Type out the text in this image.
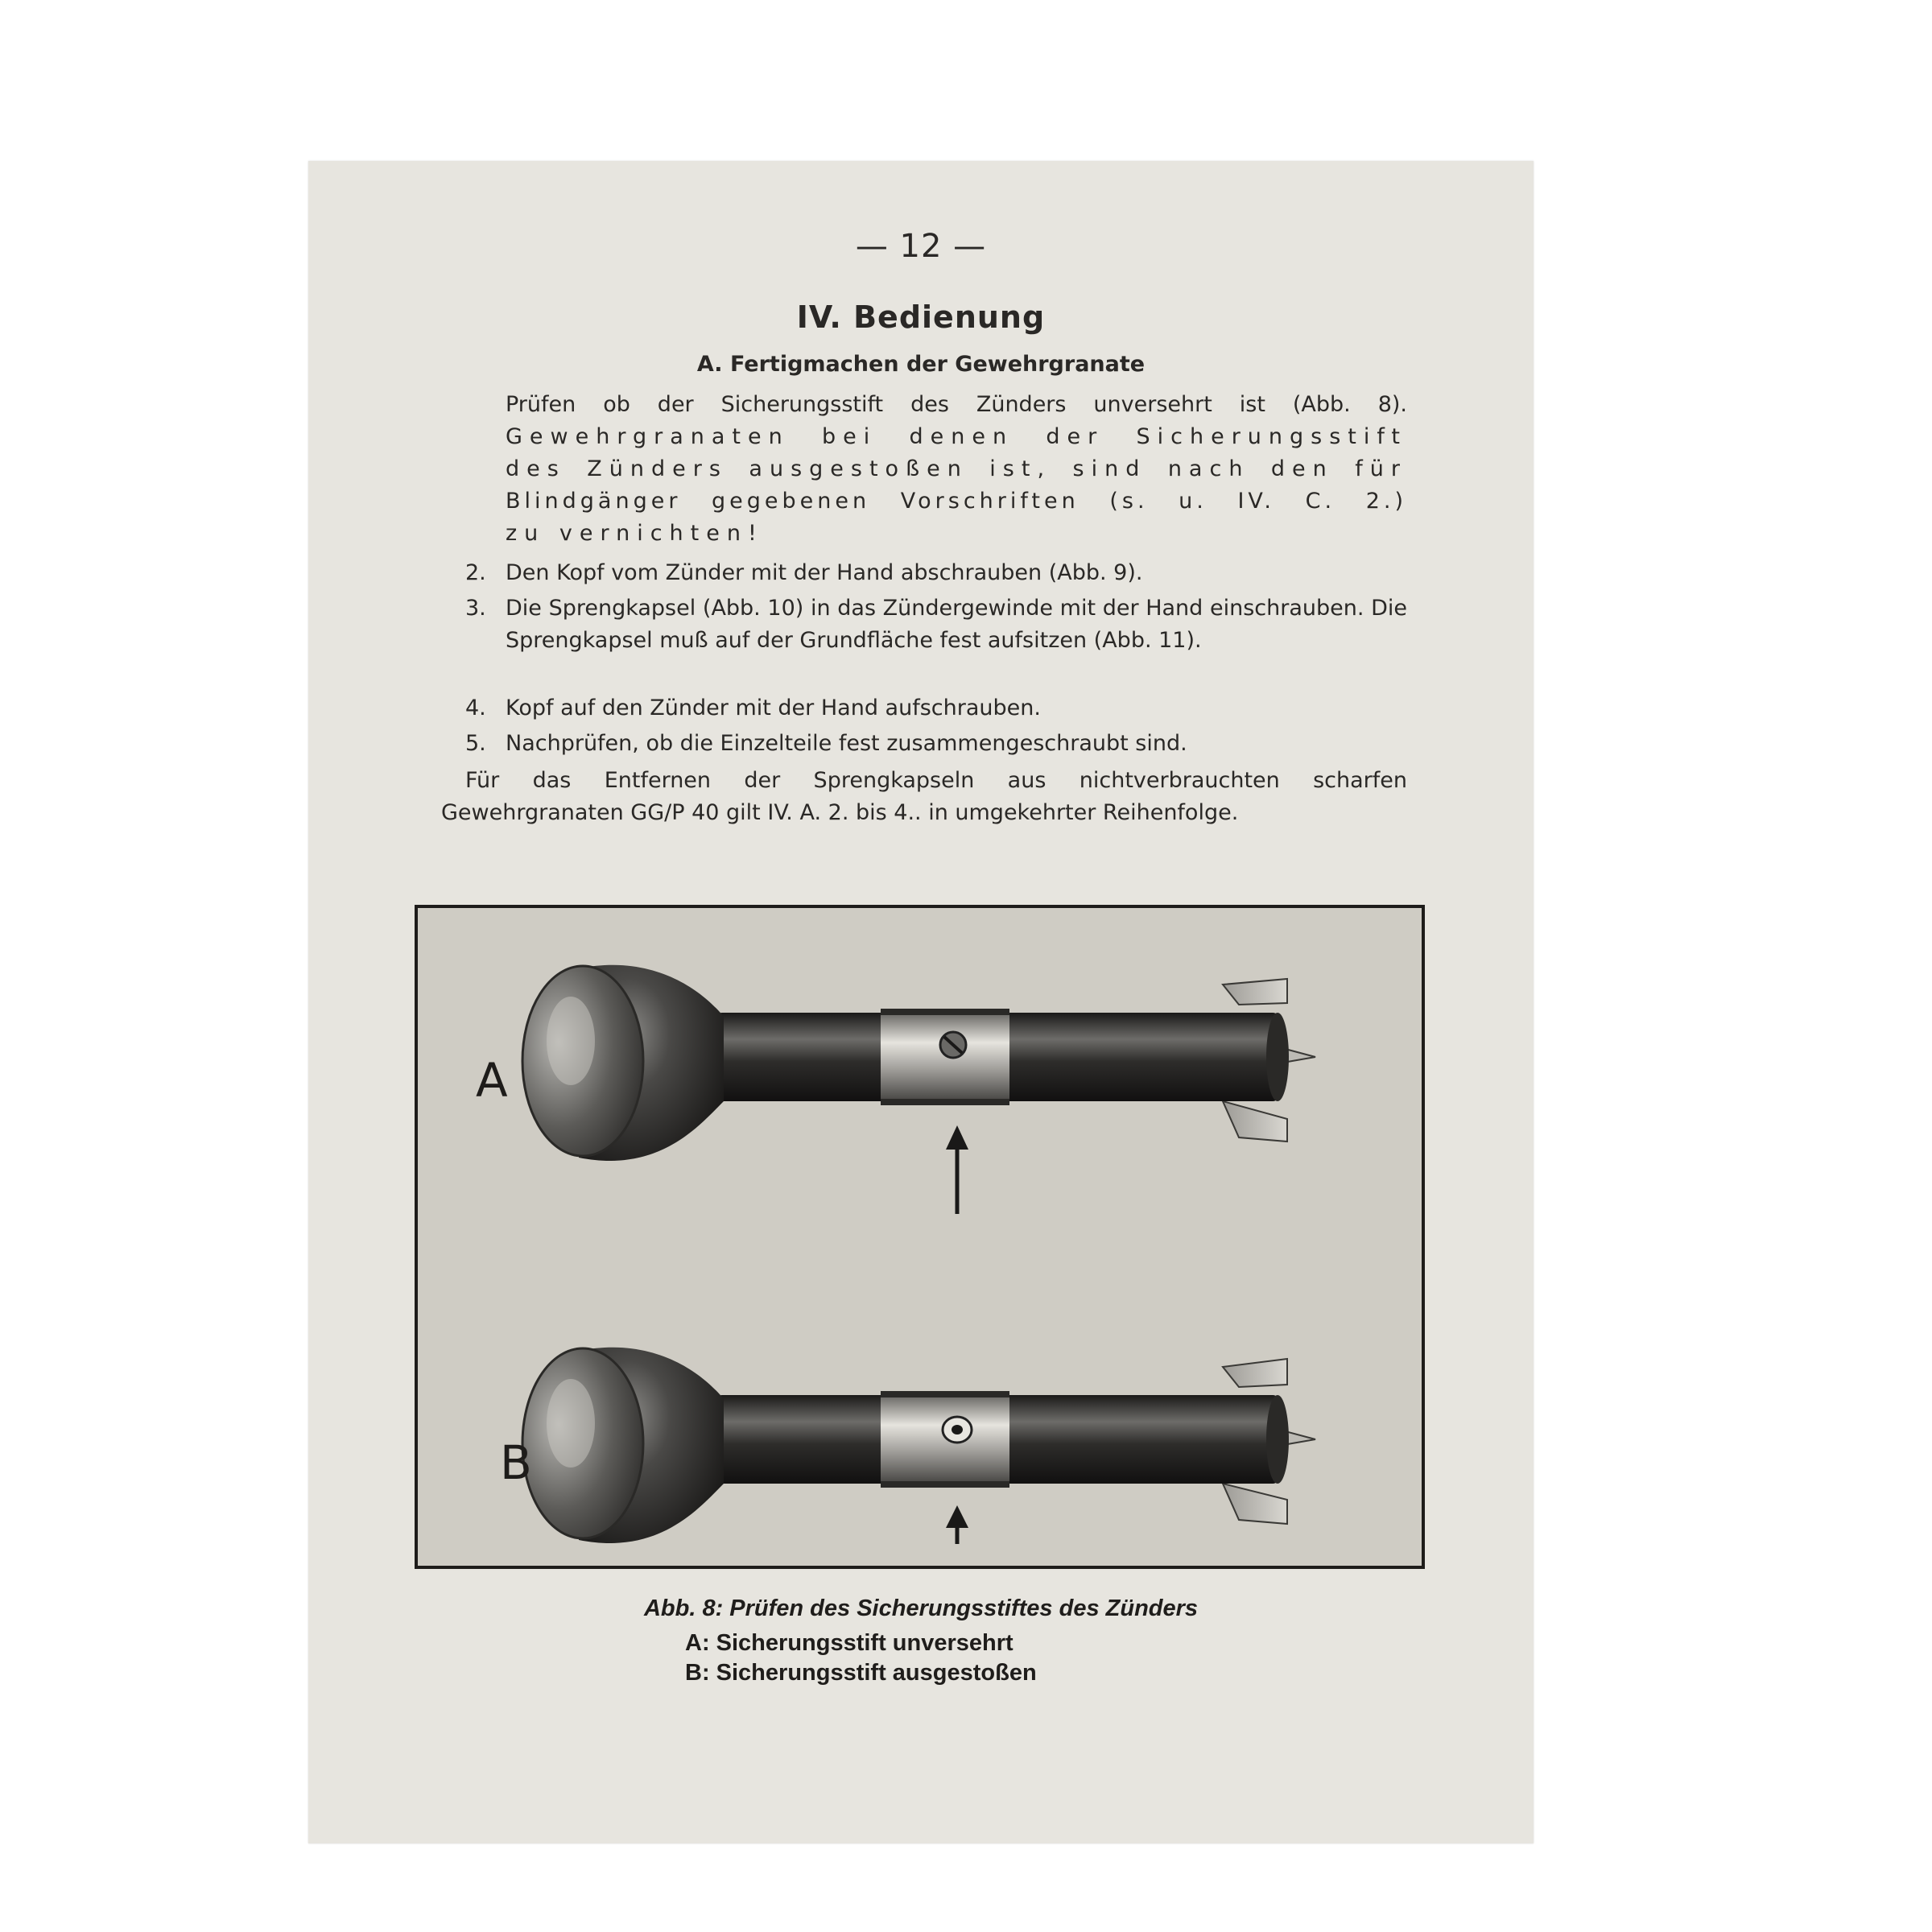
— 12 —
IV. Bedienung
A. Fertigmachen der Gewehrgranate
Prüfen ob der Sicherungsstift des Zünders unversehrt ist (Abb. 8).
Gewehrgranaten bei denen der Sicherungsstift
des Zünders ausgestoßen ist, sind nach den für
Blindgänger gegebenen Vorschriften (s. u. IV. C. 2.)
zu vernichten!
2. Den Kopf vom Zünder mit der Hand abschrauben (Abb. 9).
3. Die Sprengkapsel (Abb. 10) in das Zündergewinde mit der Hand einschrauben. Die Sprengkapsel muß auf der Grundfläche fest aufsitzen (Abb. 11).
4. Kopf auf den Zünder mit der Hand aufschrauben.
5. Nachprüfen, ob die Einzelteile fest zusammengeschraubt sind.
Für das Entfernen der Sprengkapseln aus nichtverbrauchten scharfen Gewehrgranaten GG/P 40 gilt IV. A. 2. bis 4.. in umgekehrter Reihenfolge.
A
B
Abb. 8: Prüfen des Sicherungsstiftes des Zünders
A: Sicherungsstift unversehrt
B: Sicherungsstift ausgestoßen
